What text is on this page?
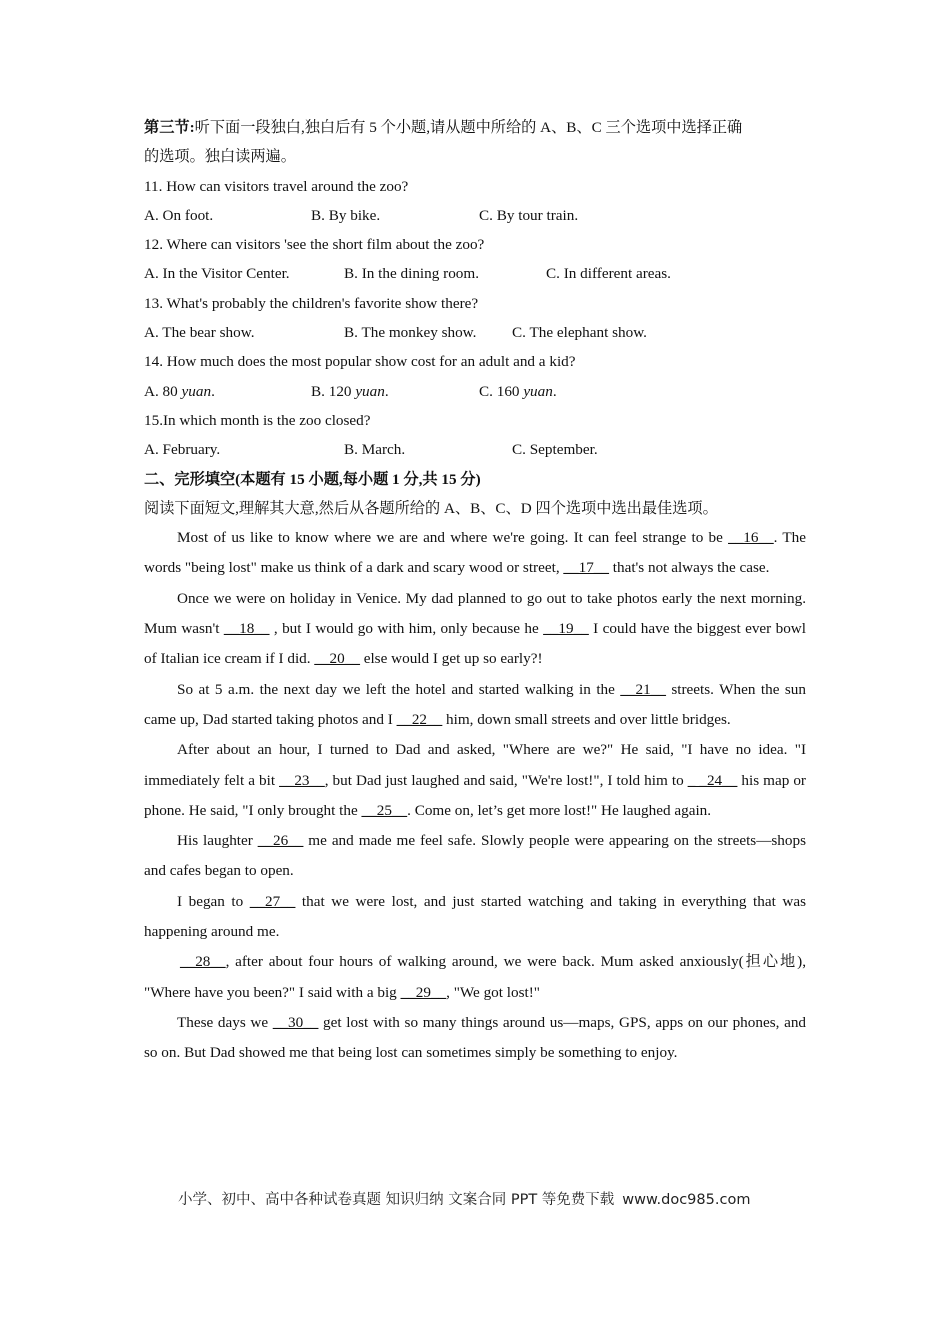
第三节:听下面一段独白,独白后有 5 个小题,请从题中所给的 A、B、C 三个选项中选择正确
的选项。独白读两遍。
11. How can visitors travel around the zoo?
A. On foot.	B. By bike.	C. By tour train.
12. Where can visitors 'see the short film about the zoo?
A. In the Visitor Center.	B. In the dining room.	C. In different areas.
13. What's probably the children's favorite show there?
A. The bear show.	B. The monkey show.	C. The elephant show.
14. How much does the most popular show cost for an adult and a kid?
A. 80 yuan.	B. 120 yuan.	C. 160 yuan.
15.In which month is the zoo closed?
A. February.	B. March.	C. September.
二、完形填空(本题有 15 小题,每小题 1 分,共 15 分)
阅读下面短文,理解其大意,然后从各题所给的 A、B、C、D 四个选项中选出最佳选项。

Most of us like to know where we are and where we're going. It can feel strange to be __16__. The words "being lost" make us think of a dark and scary wood or street, __17__ that's not always the case.

Once we were on holiday in Venice. My dad planned to go out to take photos early the next morning. Mum wasn't __18__ , but I would go with him, only because he __19__ I could have the biggest ever bowl of Italian ice cream if I did. __20__ else would I get up so early?!

So at 5 a.m. the next day we left the hotel and started walking in the __21__ streets. When the sun came up, Dad started taking photos and I __22__ him, down small streets and over little bridges.

After about an hour, I turned to Dad and asked, "Where are we?" He said, "I have no idea. "I immediately felt a bit __23__, but Dad just laughed and said, "We're lost!", I told him to _ _24__ his map or phone. He said, "I only brought the __25__. Come on, let’s get more lost!" He laughed again.

His laughter __26__ me and made me feel safe. Slowly people were appearing on the streets—shops and cafes began to open.

I began to __27__ that we were lost, and just started watching and taking in everything that was happening around me.

__28__, after about four hours of walking around, we were back. Mum asked anxiously(担心地), "Where have you been?" I said with a big __29__, "We got lost!"

These days we __30__ get lost with so many things around us—maps, GPS, apps on our phones, and so on. But Dad showed me that being lost can sometimes simply be something to enjoy.

小学、初中、高中各种试卷真题 知识归纳 文案合同 PPT 等免费下载 www.doc985.com
